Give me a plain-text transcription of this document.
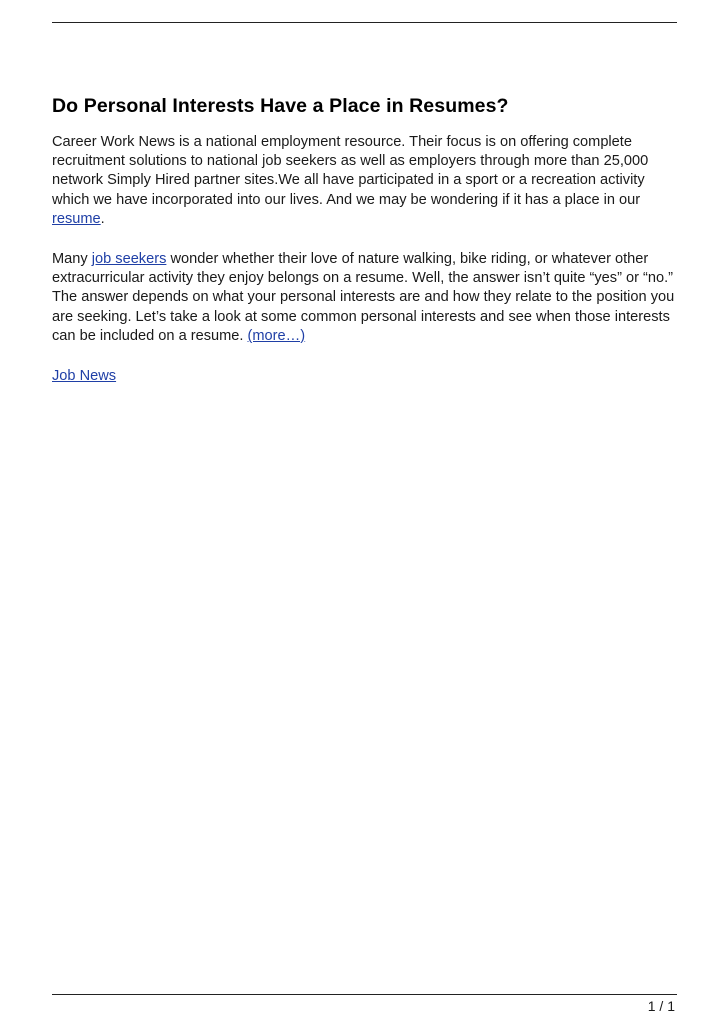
Do Personal Interests Have a Place in Resumes?

Career Work News is a national employment resource. Their focus is on offering complete recruitment solutions to national job seekers as well as employers through more than 25,000 network Simply Hired partner sites.We all have participated in a sport or a recreation activity which we have incorporated into our lives. And we may be wondering if it has a place in our resume.

Many job seekers wonder whether their love of nature walking, bike riding, or whatever other extracurricular activity they enjoy belongs on a resume. Well, the answer isn’t quite “yes” or “no.” The answer depends on what your personal interests are and how they relate to the position you are seeking. Let’s take a look at some common personal interests and see when those interests can be included on a resume. (more…)

Job News

1 / 1
